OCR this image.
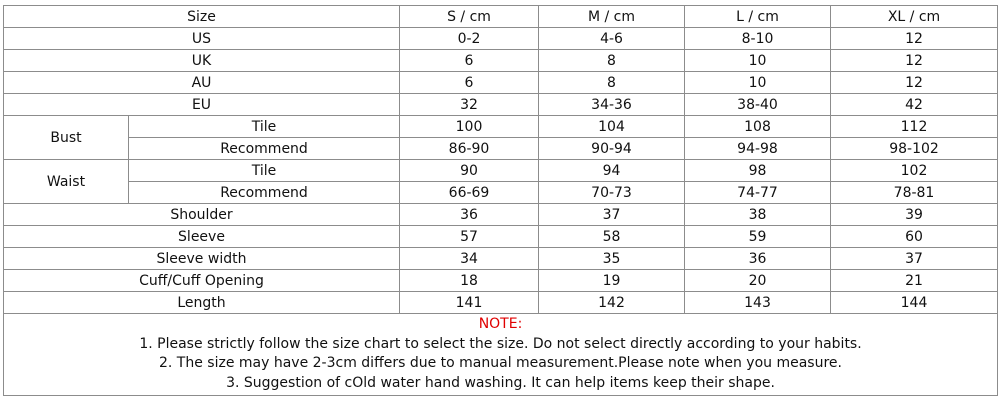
Size		S / cm	M / cm	L / cm	XL / cm
US		0-2	4-6	8-10	12
UK		6	8	10	12
AU		6	8	10	12
EU		32	34-36	38-40	42
Bust	Tile	100	104	108	112
	Recommend	86-90	90-94	94-98	98-102
Waist	Tile	90	94	98	102
	Recommend	66-69	70-73	74-77	78-81
Shoulder		36	37	38	39
Sleeve		57	58	59	60
Sleeve width		34	35	36	37
Cuff/Cuff Opening		18	19	20	21
Length		141	142	143	144

NOTE:
1. Please strictly follow the size chart to select the size. Do not select directly according to your habits.
2. The size may have 2-3cm differs due to manual measurement.Please note when you measure.
3. Suggestion of cOld water hand washing. It can help items keep their shape.					
